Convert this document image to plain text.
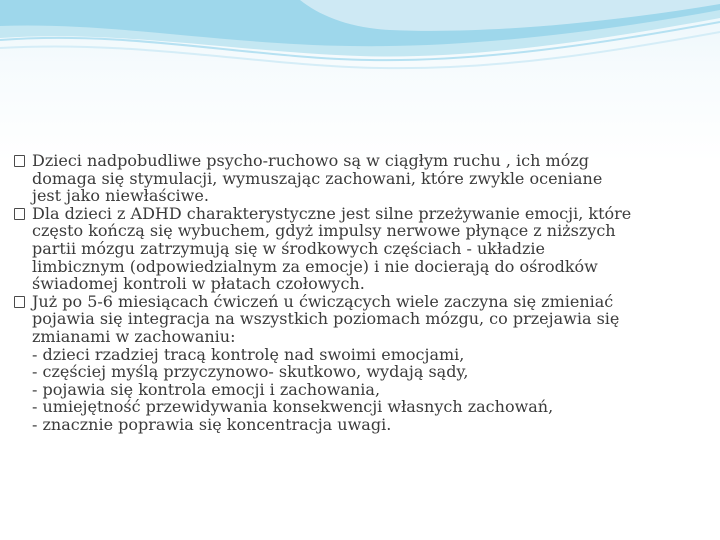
Dzieci nadpobudliwe psycho-ruchowo są w ciągłym ruchu , ich mózg
domaga się stymulacji, wymuszając zachowani, które zwykle oceniane
jest jako niewłaściwe.
Dla dzieci z ADHD charakterystyczne jest silne przeżywanie emocji, które
często kończą się wybuchem, gdyż impulsy nerwowe płynące z niższych
partii mózgu zatrzymują się w środkowych częściach - układzie
limbicznym (odpowiedzialnym za emocje) i nie docierają do ośrodków
świadomej kontroli w płatach czołowych.
Już po 5-6 miesiącach ćwiczeń u ćwiczących wiele zaczyna się zmieniać
pojawia się integracja na wszystkich poziomach mózgu, co przejawia się
zmianami w zachowaniu:
- dzieci rzadziej tracą kontrolę nad swoimi emocjami,
- częściej myślą przyczynowo- skutkowo, wydają sądy,
- pojawia się kontrola emocji i zachowania,
- umiejętność przewidywania konsekwencji własnych zachowań,
- znacznie poprawia się koncentracja uwagi.
